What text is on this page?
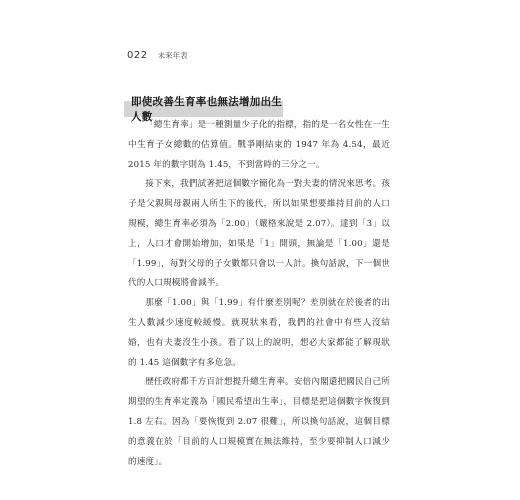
022 未來年表
即使改善生育率也無法增加出生人數

「總生育率」是一種測量少子化的指標，指的是一名女性在一生中生育子女總數的估算值。戰爭剛結束的 1947 年為 4.54，最近 2015 年的數字則為 1.45，不到當時的三分之一。

接下來，我們試著把這個數字簡化為一對夫妻的情況來思考。孩子是父親與母親兩人所生下的後代，所以如果想要維持目前的人口規模，總生育率必須為「2.00」（嚴格來說是 2.07）。達到「3」以上，人口才會開始增加，如果是「1」開頭，無論是「1.00」還是「1.99」，每對父母的子女數都只會以一人計。換句話說，下一個世代的人口規模將會減半。

那麼「1.00」與「1.99」有什麼差別呢？差別就在於後者的出生人數減少速度較緩慢。就現狀來看，我們的社會中有些人沒結婚，也有夫妻沒生小孩。看了以上的說明，想必大家都能了解現狀的 1.45 這個數字有多危急。

歷任政府都千方百計想提升總生育率。安倍內閣還把國民自己所期望的生育率定義為「國民希望出生率」，目標是把這個數字恢復到 1.8 左右。因為「要恢復到 2.07 很難」，所以換句話說，這個目標的意義在於「目前的人口規模實在無法維持，至少要抑制人口減少的速度」。
